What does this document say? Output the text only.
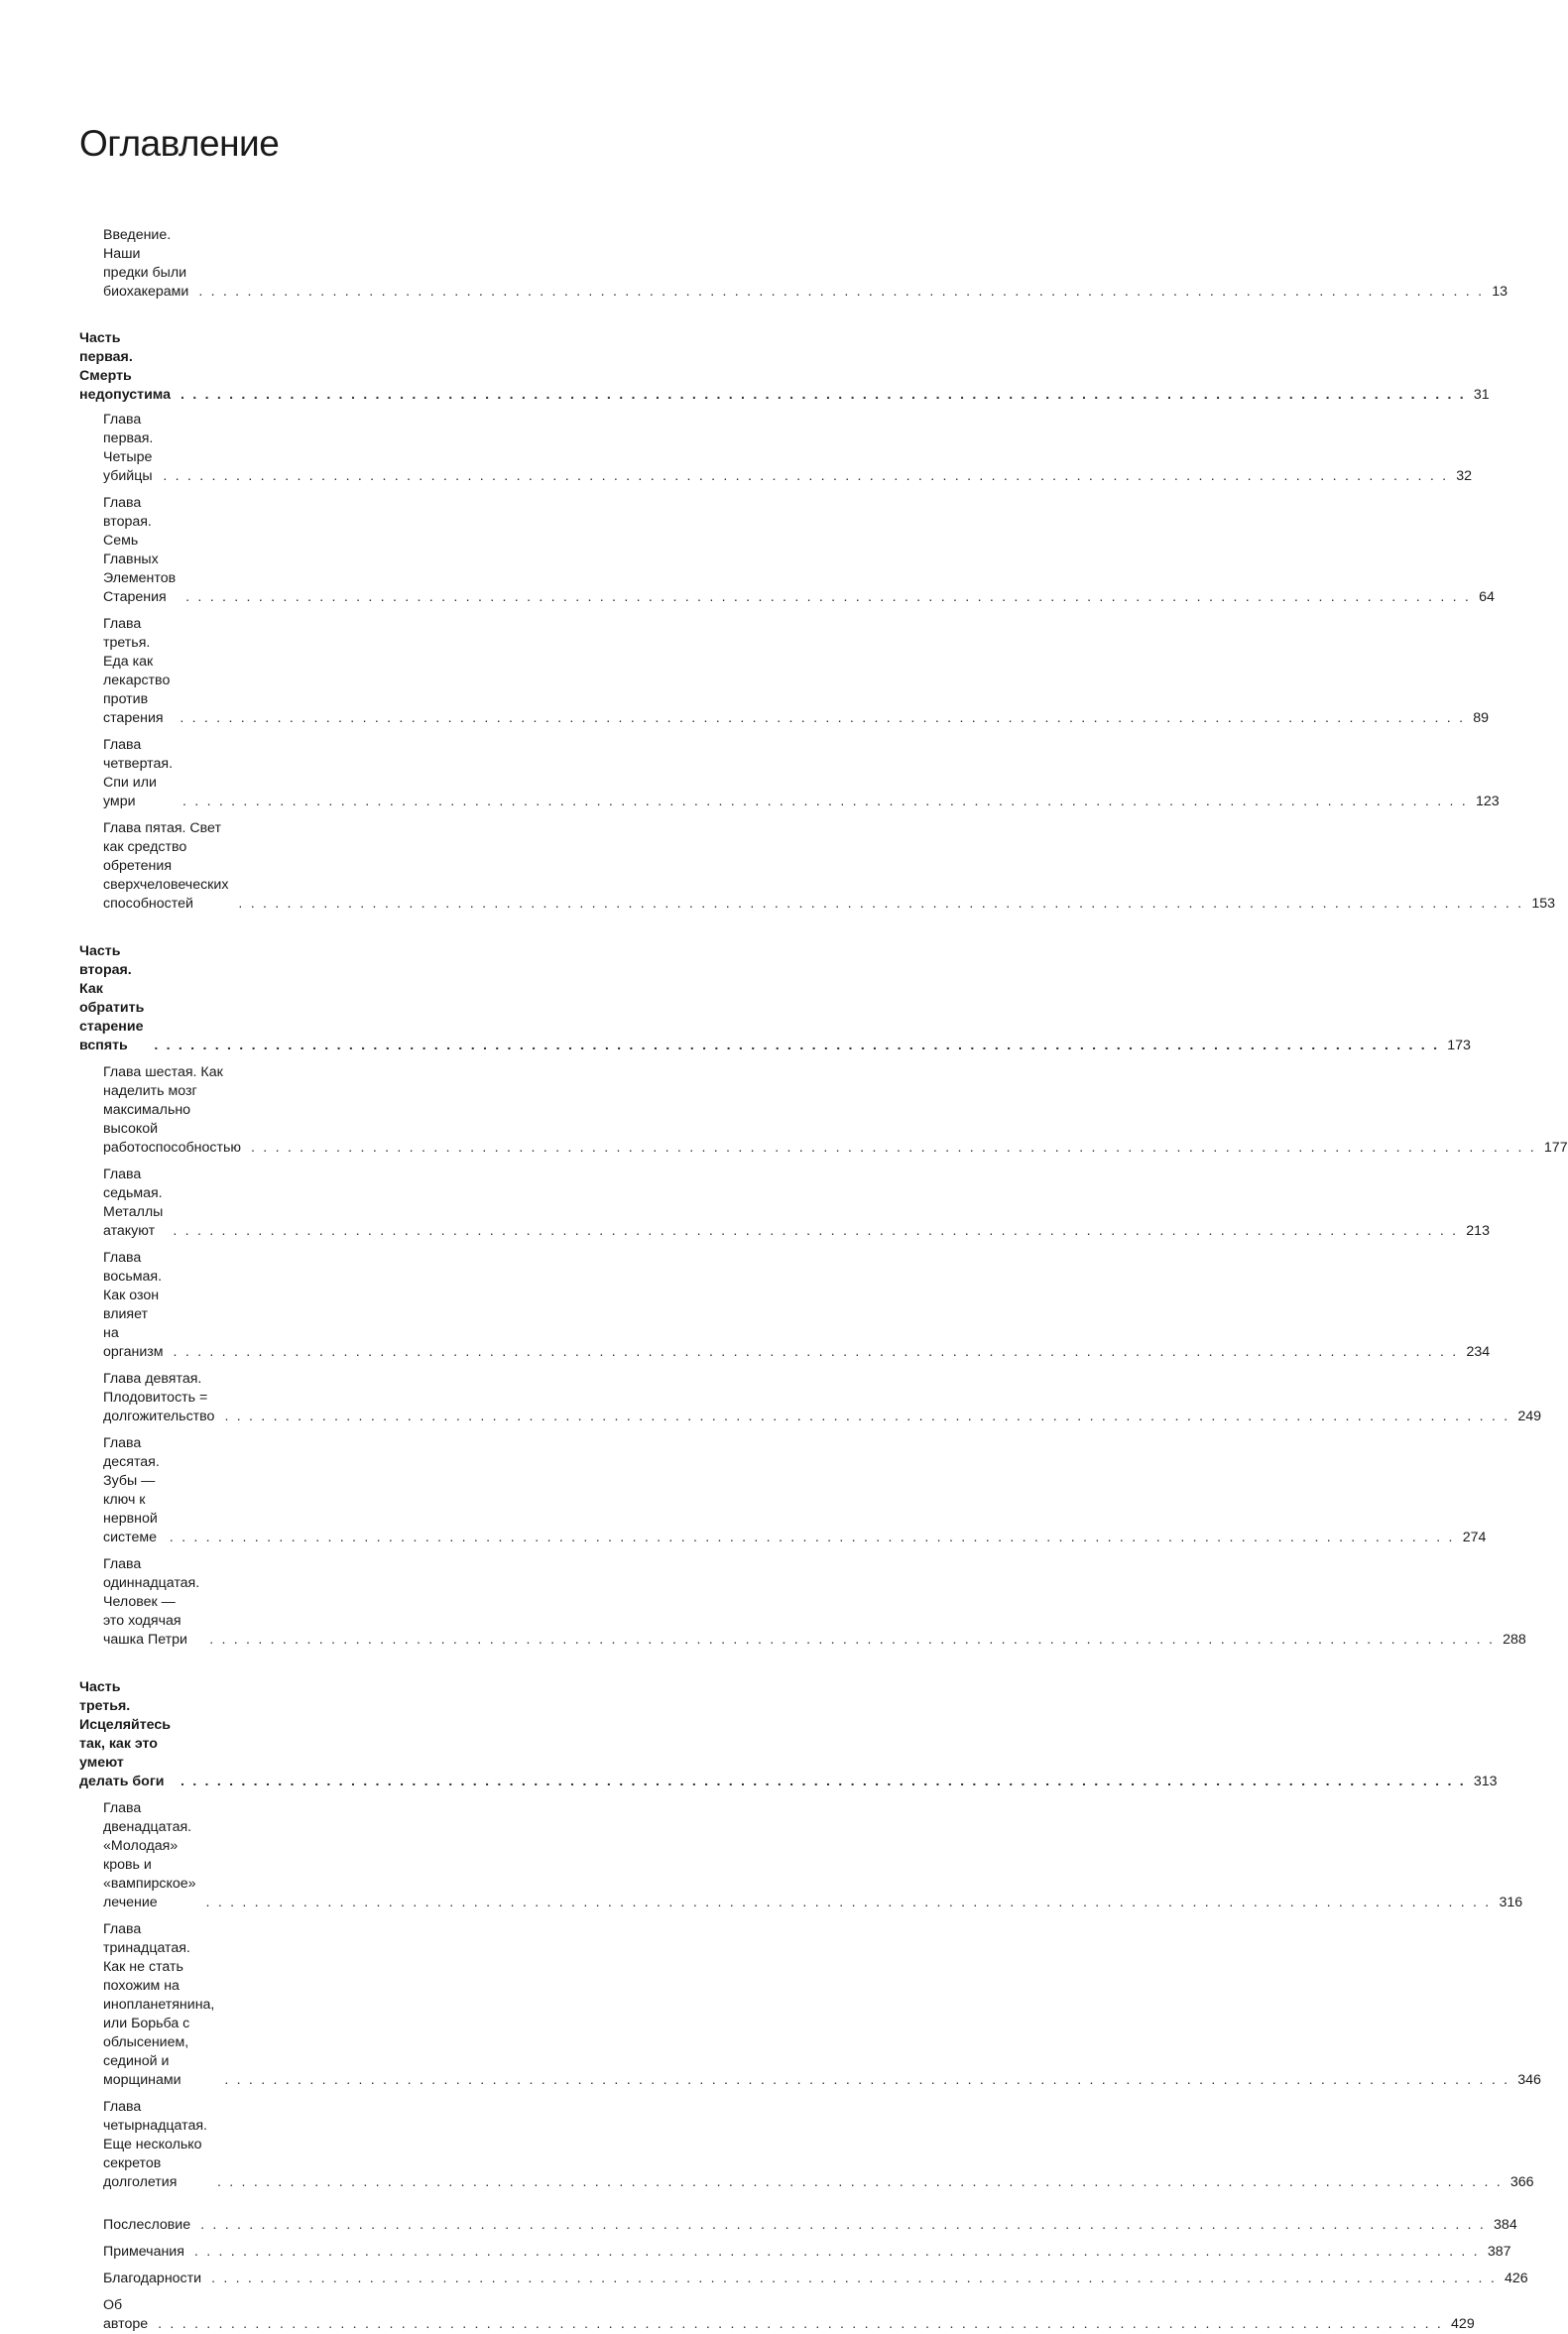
Оглавление
Введение. Наши предки были биохакерами . . .	13
Часть первая. Смерть недопустима . . .	31
Глава первая. Четыре убийцы . . .	32
Глава вторая. Семь Главных Элементов Старения . . .	64
Глава третья. Еда как лекарство против старения . . .	89
Глава четвертая. Спи или умри . . .	123
Глава пятая. Свет как средство обретения сверхчеловеческих
способностей . . .	153
Часть вторая. Как обратить старение вспять . . .	173
Глава шестая. Как наделить мозг максимально высокой
работоспособностью . . .	177
Глава седьмая. Металлы атакуют . . .	213
Глава восьмая. Как озон влияет на организм . . .	234
Глава девятая. Плодовитость = долгожительство . . .	249
Глава десятая. Зубы — ключ к нервной системе . . .	274
Глава одиннадцатая. Человек — это ходячая чашка Петри . . .	288
Часть третья. Исцеляйтесь так, как это умеют делать боги . . .	313
Глава двенадцатая. «Молодая» кровь и «вампирское» лечение . . .	316
Глава тринадцатая. Как не стать похожим на инопланетянина,
или Борьба с облысением, сединой и морщинами . . .	346
Глава четырнадцатая. Еще несколько секретов долголетия . . .	366
Послесловие . . .	384
Примечания . . .	387
Благодарности . . .	426
Об авторе . . .	429
